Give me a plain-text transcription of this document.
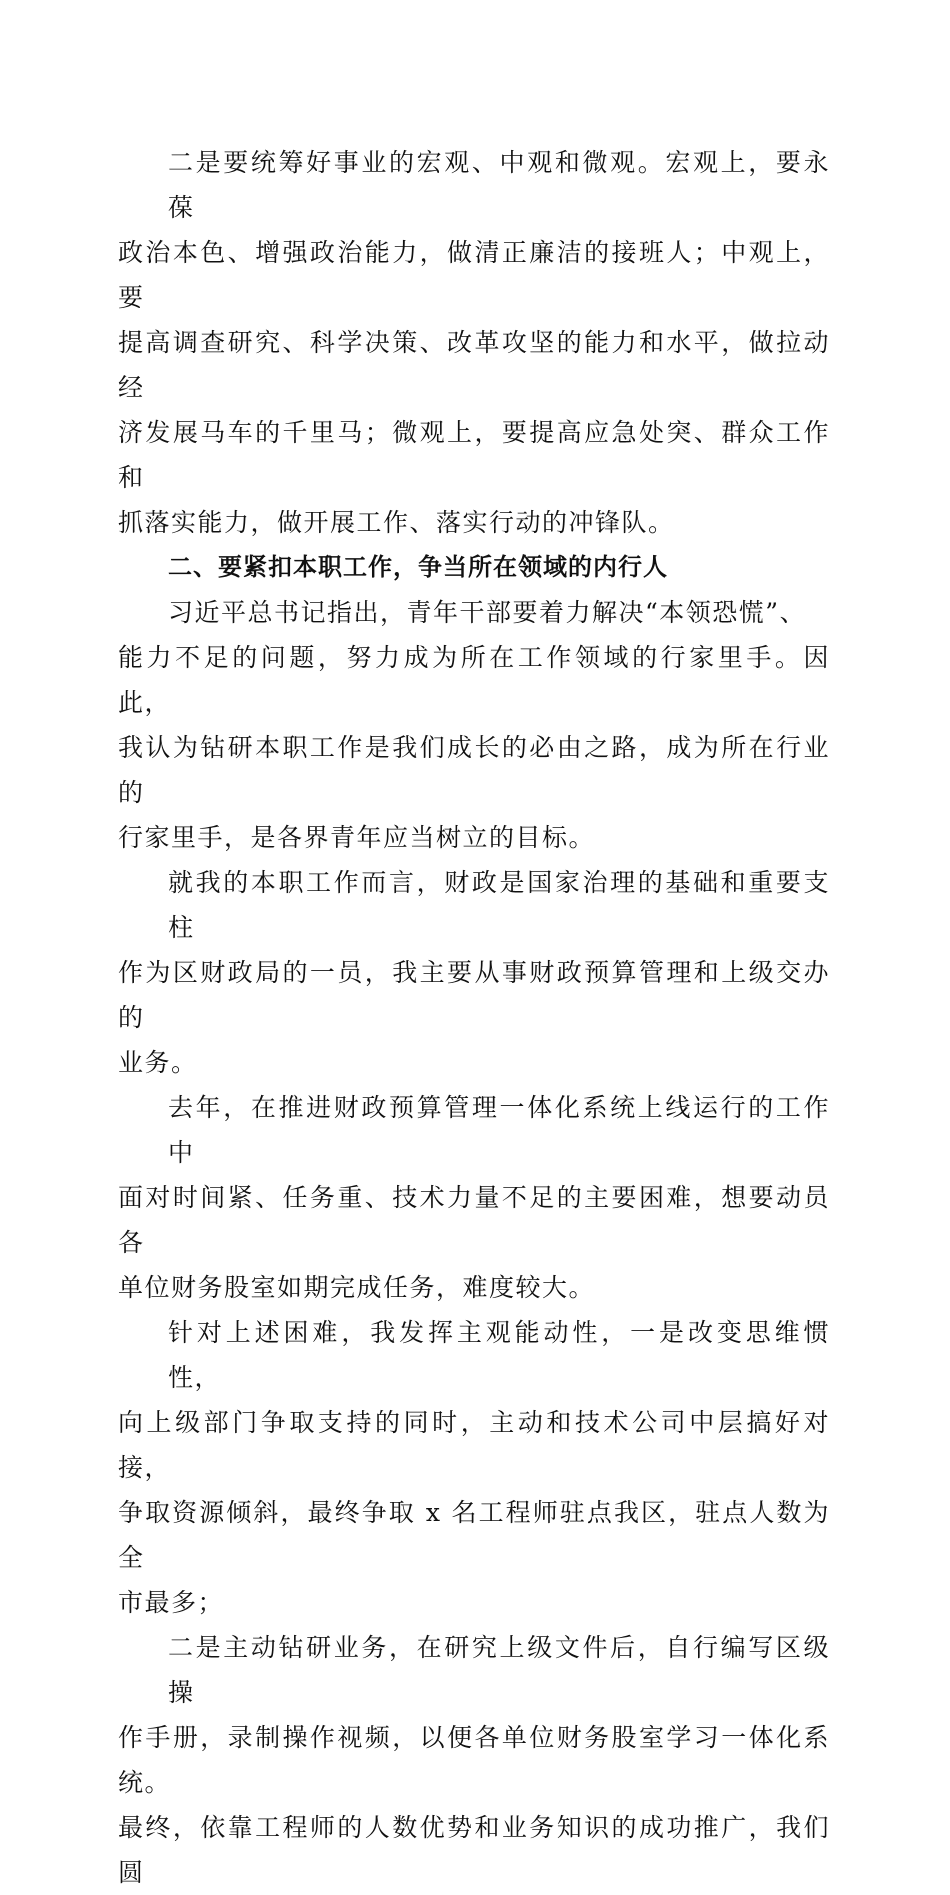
二是要统筹好事业的宏观、中观和微观。宏观上，要永葆
政治本色、增强政治能力，做清正廉洁的接班人；中观上，要
提高调查研究、科学决策、改革攻坚的能力和水平，做拉动经
济发展马车的千里马；微观上，要提高应急处突、群众工作和
抓落实能力，做开展工作、落实行动的冲锋队。

二、要紧扣本职工作，争当所在领域的内行人

习近平总书记指出，青年干部要着力解决“本领恐慌”、
能力不足的问题，努力成为所在工作领域的行家里手。因此，
我认为钻研本职工作是我们成长的必由之路，成为所在行业的
行家里手，是各界青年应当树立的目标。

就我的本职工作而言，财政是国家治理的基础和重要支柱
作为区财政局的一员，我主要从事财政预算管理和上级交办的
业务。

去年，在推进财政预算管理一体化系统上线运行的工作中
面对时间紧、任务重、技术力量不足的主要困难，想要动员各
单位财务股室如期完成任务，难度较大。

针对上述困难，我发挥主观能动性，一是改变思维惯性，
向上级部门争取支持的同时，主动和技术公司中层搞好对接，
争取资源倾斜，最终争取 x 名工程师驻点我区，驻点人数为全
市最多；

二是主动钻研业务，在研究上级文件后，自行编写区级操
作手册，录制操作视频，以便各单位财务股室学习一体化系统。
最终，依靠工程师的人数优势和业务知识的成功推广，我们圆
